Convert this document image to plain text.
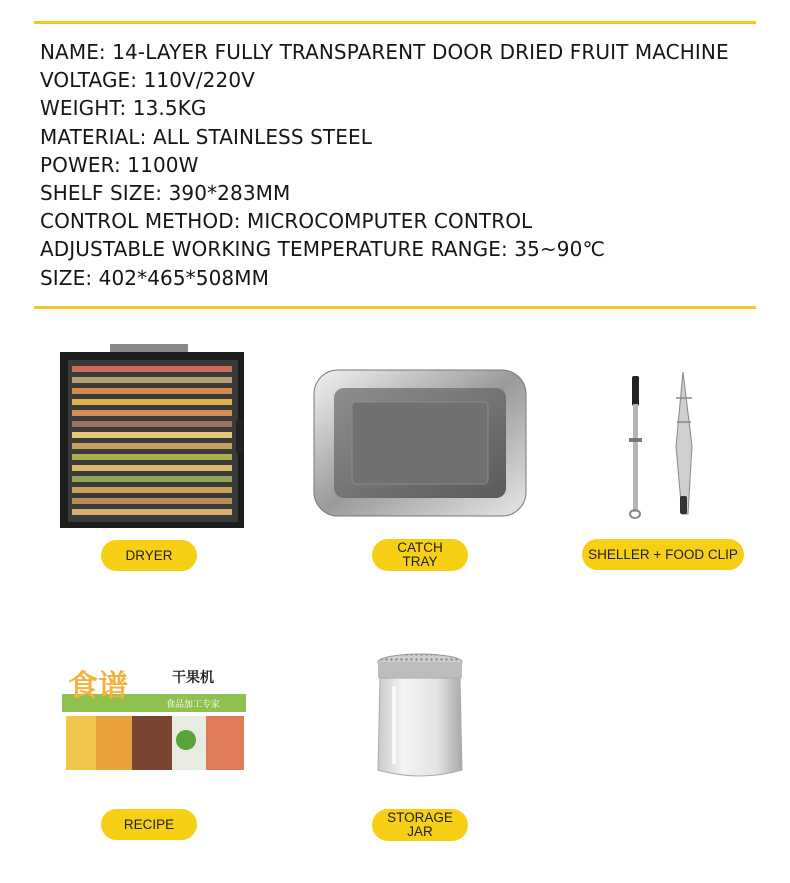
NAME: 14-LAYER FULLY TRANSPARENT DOOR DRIED FRUIT MACHINE
VOLTAGE: 110V/220V
WEIGHT: 13.5KG
MATERIAL: ALL STAINLESS STEEL
POWER: 1100W
SHELF SIZE: 390*283MM
CONTROL METHOD: MICROCOMPUTER CONTROL
ADJUSTABLE WORKING TEMPERATURE RANGE: 35~90℃
SIZE: 402*465*508MM
DRYER	CATCH
TRAY	SHELLER + FOOD CLIP
食谱	干果机
食品加工专家
RECIPE	STORAGE
JAR
